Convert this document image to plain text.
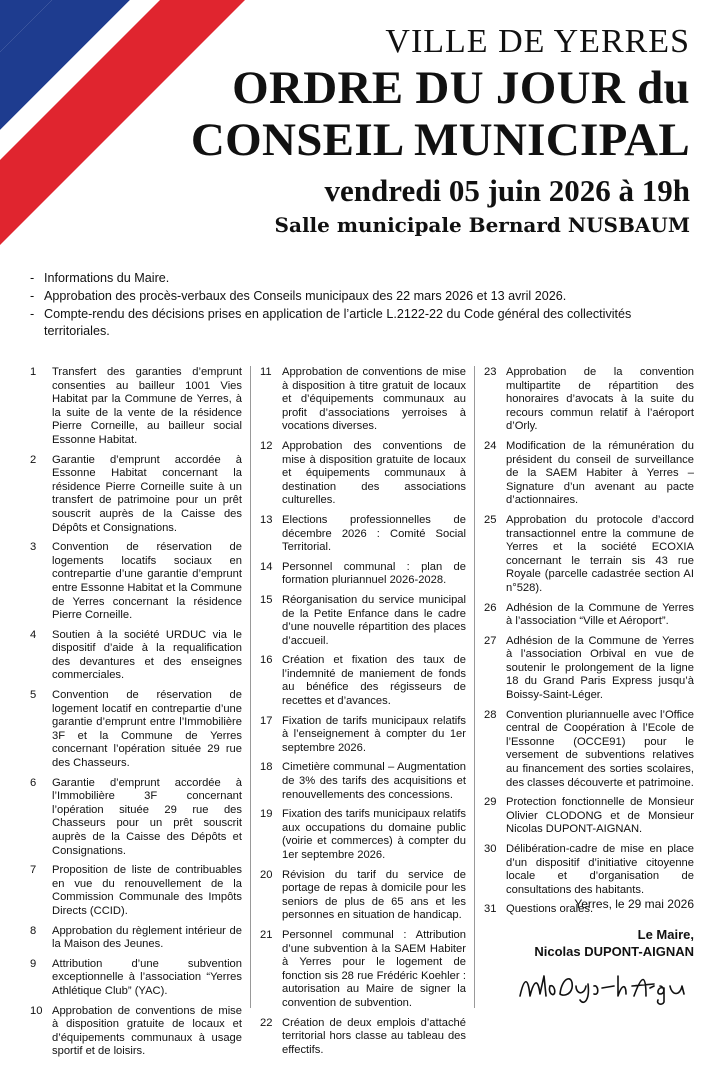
VILLE DE YERRES
ORDRE DU JOUR du
CONSEIL MUNICIPAL
vendredi 05 juin 2026 à 19h
Salle municipale Bernard NUSBAUM
- Informations du Maire.
- Approbation des procès-verbaux des Conseils municipaux des 22 mars 2026 et 13 avril 2026.
- Compte-rendu des décisions prises en application de l’article L.2122-22 du Code général des collectivités territoriales.
1	Transfert des garanties d’emprunt consenties au bailleur 1001 Vies Habitat par la Commune de Yerres, à la suite de la vente de la résidence Pierre Corneille, au bailleur social Essonne Habitat.
2	Garantie d’emprunt accordée à Essonne Habitat concernant la résidence Pierre Corneille suite à un transfert de patrimoine pour un prêt souscrit auprès de la Caisse des Dépôts et Consignations.
3	Convention de réservation de logements locatifs sociaux en contrepartie d’une garantie d’emprunt entre Essonne Habitat et la Commune de Yerres concernant la résidence Pierre Corneille.
4	Soutien à la société URDUC via le dispositif d’aide à la requalification des devantures et des enseignes commerciales.
5	Convention de réservation de logement locatif en contrepartie d’une garantie d’emprunt entre l’Immobilière 3F et la Commune de Yerres concernant l’opération située 29 rue des Chasseurs.
6	Garantie d’emprunt accordée à l’Immobilière 3F concernant l’opération située 29 rue des Chasseurs pour un prêt souscrit auprès de la Caisse des Dépôts et Consignations.
7	Proposition de liste de contribuables en vue du renouvellement de la Commission Communale des Impôts Directs (CCID).
8	Approbation du règlement intérieur de la Maison des Jeunes.
9	Attribution d’une subvention exceptionnelle à l’association “Yerres Athlétique Club” (YAC).
10 Approbation de conventions de mise à disposition gratuite de locaux et d’équipements communaux à usage sportif et de loisirs.
11 Approbation de conventions de mise à disposition à titre gratuit de locaux et d’équipements communaux au profit d’associations yerroises à vocations diverses.
12 Approbation des conventions de mise à disposition gratuite de locaux et équipements communaux à destination des associations culturelles.
13 Elections professionnelles de décembre 2026 : Comité Social Territorial.
14 Personnel communal : plan de formation pluriannuel 2026-2028.
15 Réorganisation du service municipal de la Petite Enfance dans le cadre d’une nouvelle répartition des places d’accueil.
16 Création et fixation des taux de l’indemnité de maniement de fonds au bénéfice des régisseurs de recettes et d’avances.
17 Fixation de tarifs municipaux relatifs à l’enseignement à compter du 1er septembre 2026.
18 Cimetière communal – Augmentation de 3% des tarifs des acquisitions et renouvellements des concessions.
19 Fixation des tarifs municipaux relatifs aux occupations du domaine public (voirie et commerces) à compter du 1er septembre 2026.
20 Révision du tarif du service de portage de repas à domicile pour les seniors de plus de 65 ans et les personnes en situation de handicap.
21 Personnel communal : Attribution d’une subvention à la SAEM Habiter à Yerres pour le logement de fonction sis 28 rue Frédéric Koehler : autorisation au Maire de signer la convention de subvention.
22 Création de deux emplois d’attaché territorial hors classe au tableau des effectifs.
23 Approbation de la convention multipartite de répartition des honoraires d’avocats à la suite du recours commun relatif à l’aéroport d’Orly.
24 Modification de la rémunération du président du conseil de surveillance de la SAEM Habiter à Yerres – Signature d’un avenant au pacte d’actionnaires.
25 Approbation du protocole d’accord transactionnel entre la commune de Yerres et la société ECOXIA concernant le terrain sis 43 rue Royale (parcelle cadastrée section AI n°528).
26 Adhésion de la Commune de Yerres à l’association “Ville et Aéroport”.
27 Adhésion de la Commune de Yerres à l’association Orbival en vue de soutenir le prolongement de la ligne 18 du Grand Paris Express jusqu’à Boissy-Saint-Léger.
28 Convention pluriannuelle avec l’Office central de Coopération à l’Ecole de l’Essonne (OCCE91) pour le versement de subventions relatives au financement des sorties scolaires, des classes découverte et patrimoine.
29 Protection fonctionnelle de Monsieur Olivier CLODONG et de Monsieur Nicolas DUPONT-AIGNAN.
30 Délibération-cadre de mise en place d’un dispositif d’initiative citoyenne locale et d’organisation de consultations des habitants.
31 Questions orales.
Yerres, le 29 mai 2026
Le Maire,
Nicolas DUPONT-AIGNAN
